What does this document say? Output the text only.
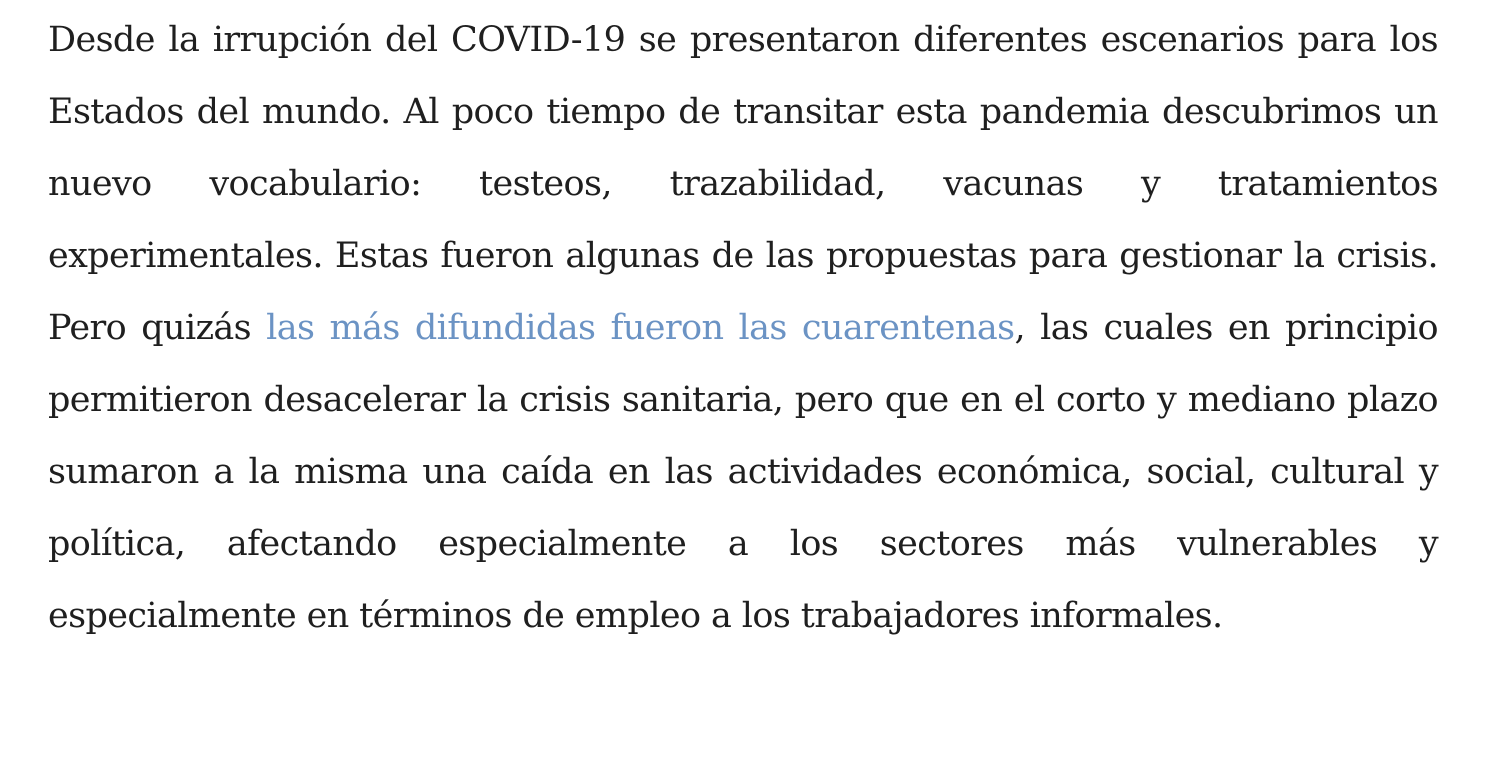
Desde la irrupción del COVID-19 se presentaron diferentes escenarios para los Estados del mundo. Al poco tiempo de transitar esta pandemia descubrimos un nuevo vocabulario: testeos, trazabilidad, vacunas y tratamientos experimentales. Estas fueron algunas de las propuestas para gestionar la crisis. Pero quizás las más difundidas fueron las cuarentenas, las cuales en principio permitieron desacelerar la crisis sanitaria, pero que en el corto y mediano plazo sumaron a la misma una caída en las actividades económica, social, cultural y política, afectando especialmente a los sectores más vulnerables y especialmente en términos de empleo a los trabajadores informales.
